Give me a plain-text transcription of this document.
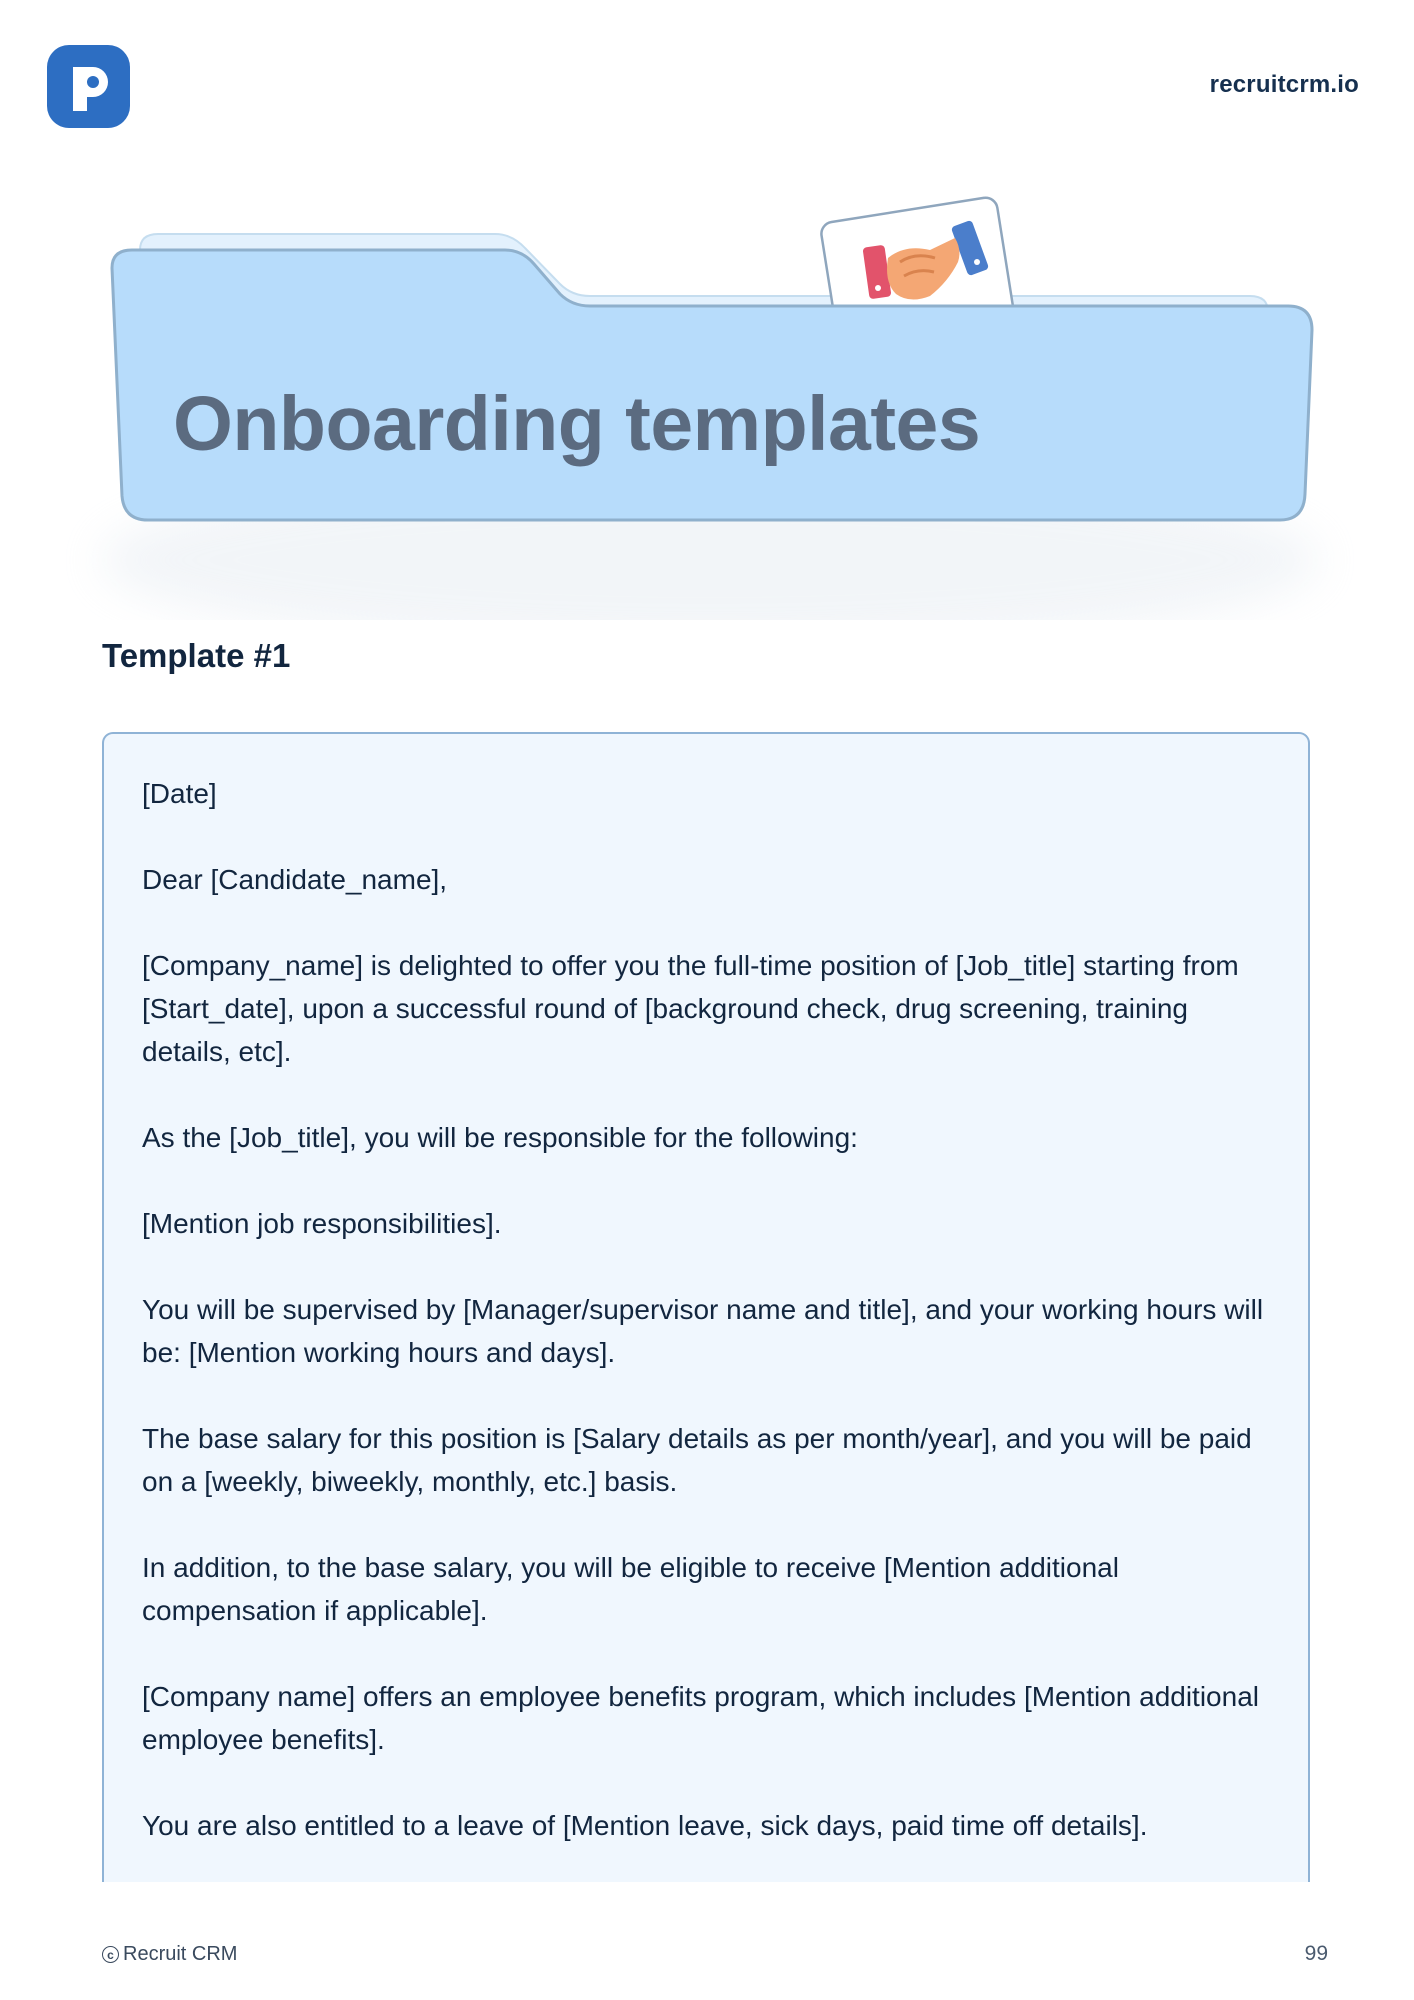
recruitcrm.io
Onboarding templates
Template #1

[Date]

Dear [Candidate_name],

[Company_name] is delighted to offer you the full-time position of [Job_title] starting from [Start_date], upon a successful round of [background check, drug screening, training details, etc].

As the [Job_title], you will be responsible for the following:

[Mention job responsibilities].

You will be supervised by [Manager/supervisor name and title], and your working hours will be: [Mention working hours and days].

The base salary for this position is [Salary details as per month/year], and you will be paid on a [weekly, biweekly, monthly, etc.] basis.

In addition, to the base salary, you will be eligible to receive [Mention additional compensation if applicable].

[Company name] offers an employee benefits program, which includes [Mention additional employee benefits].

You are also entitled to a leave of [Mention leave, sick days, paid time off details].

c Recruit CRM	99
